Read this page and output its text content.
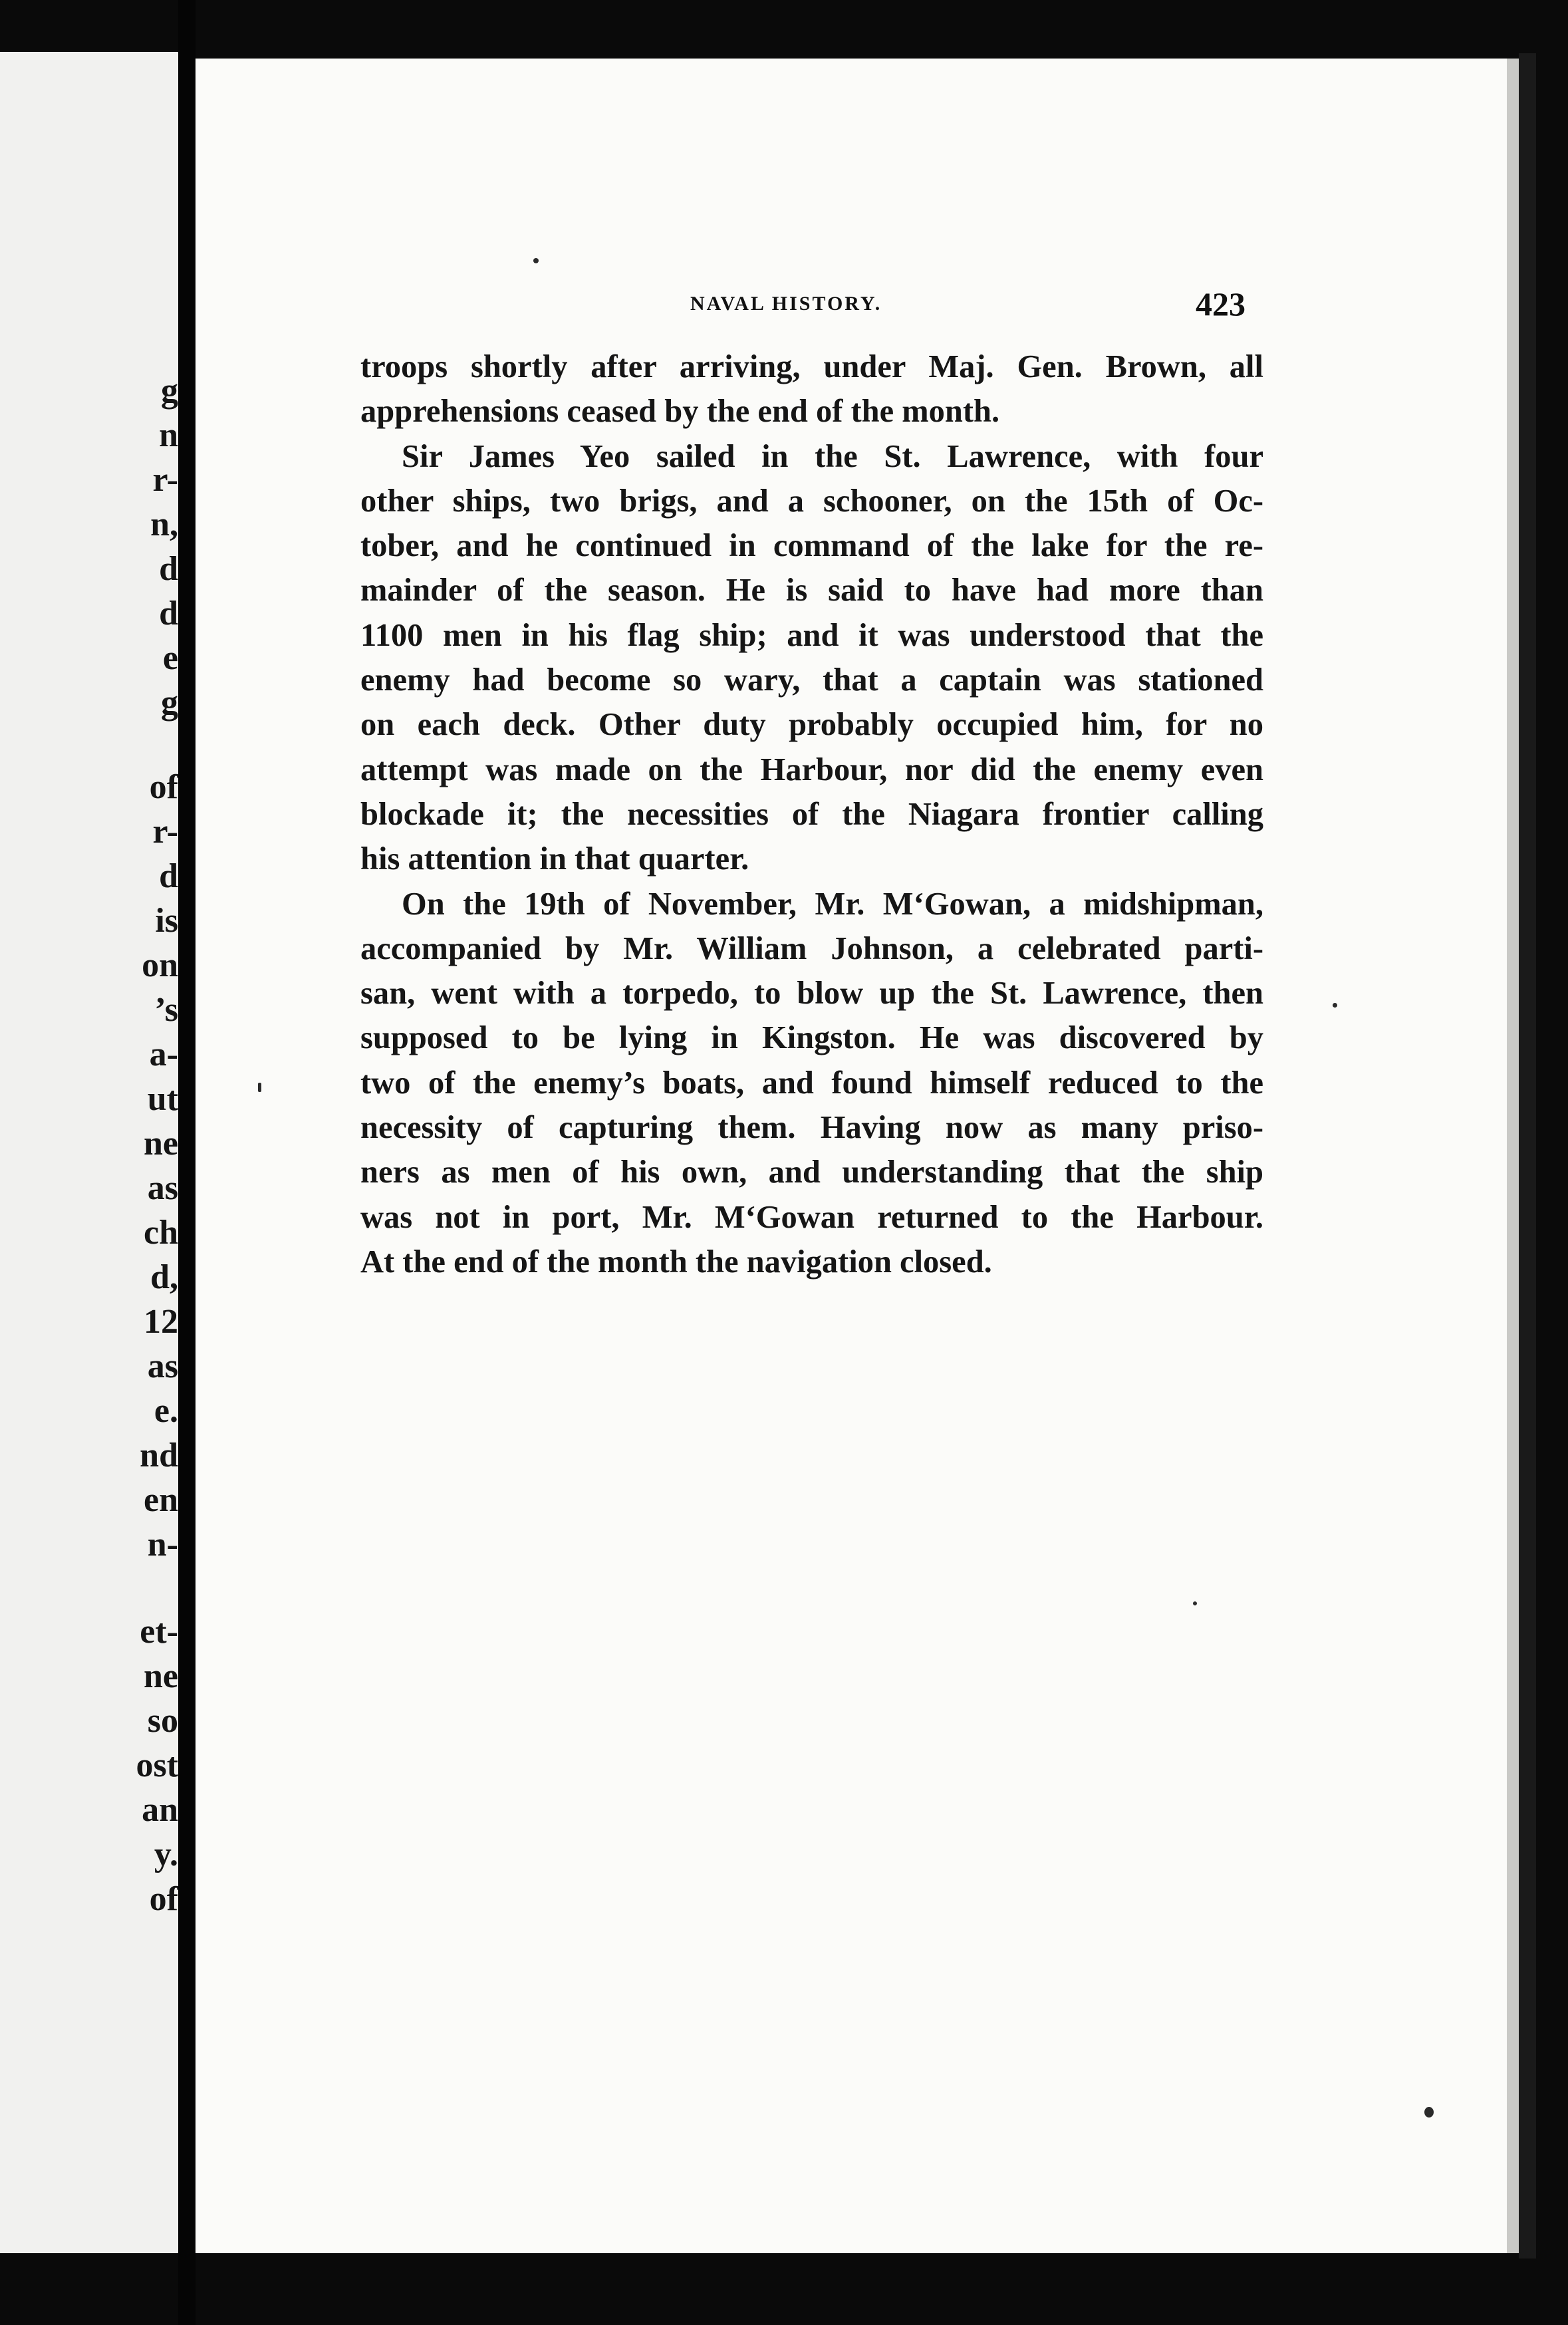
g
n
r-
n,
d
d
e
g
of
r-
d
is
on
’s
a-
ut
ne
as
ch
d,
12
as
e.
nd
en
n-
et-
ne
so
ost
an
y.
of
NAVAL HISTORY.	423
troops shortly after arriving, under Maj. Gen. Brown, all
apprehensions ceased by the end of the month.
Sir James Yeo sailed in the St. Lawrence, with four
other ships, two brigs, and a schooner, on the 15th of Oc-
tober, and he continued in command of the lake for the re-
mainder of the season. He is said to have had more than
1100 men in his flag ship; and it was understood that the
enemy had become so wary, that a captain was stationed
on each deck. Other duty probably occupied him, for no
attempt was made on the Harbour, nor did the enemy even
blockade it; the necessities of the Niagara frontier calling
his attention in that quarter.
On the 19th of November, Mr. M‘Gowan, a midshipman,
accompanied by Mr. William Johnson, a celebrated parti-
san, went with a torpedo, to blow up the St. Lawrence, then
supposed to be lying in Kingston. He was discovered by
two of the enemy’s boats, and found himself reduced to the
necessity of capturing them. Having now as many priso-
ners as men of his own, and understanding that the ship
was not in port, Mr. M‘Gowan returned to the Harbour.
At the end of the month the navigation closed.
